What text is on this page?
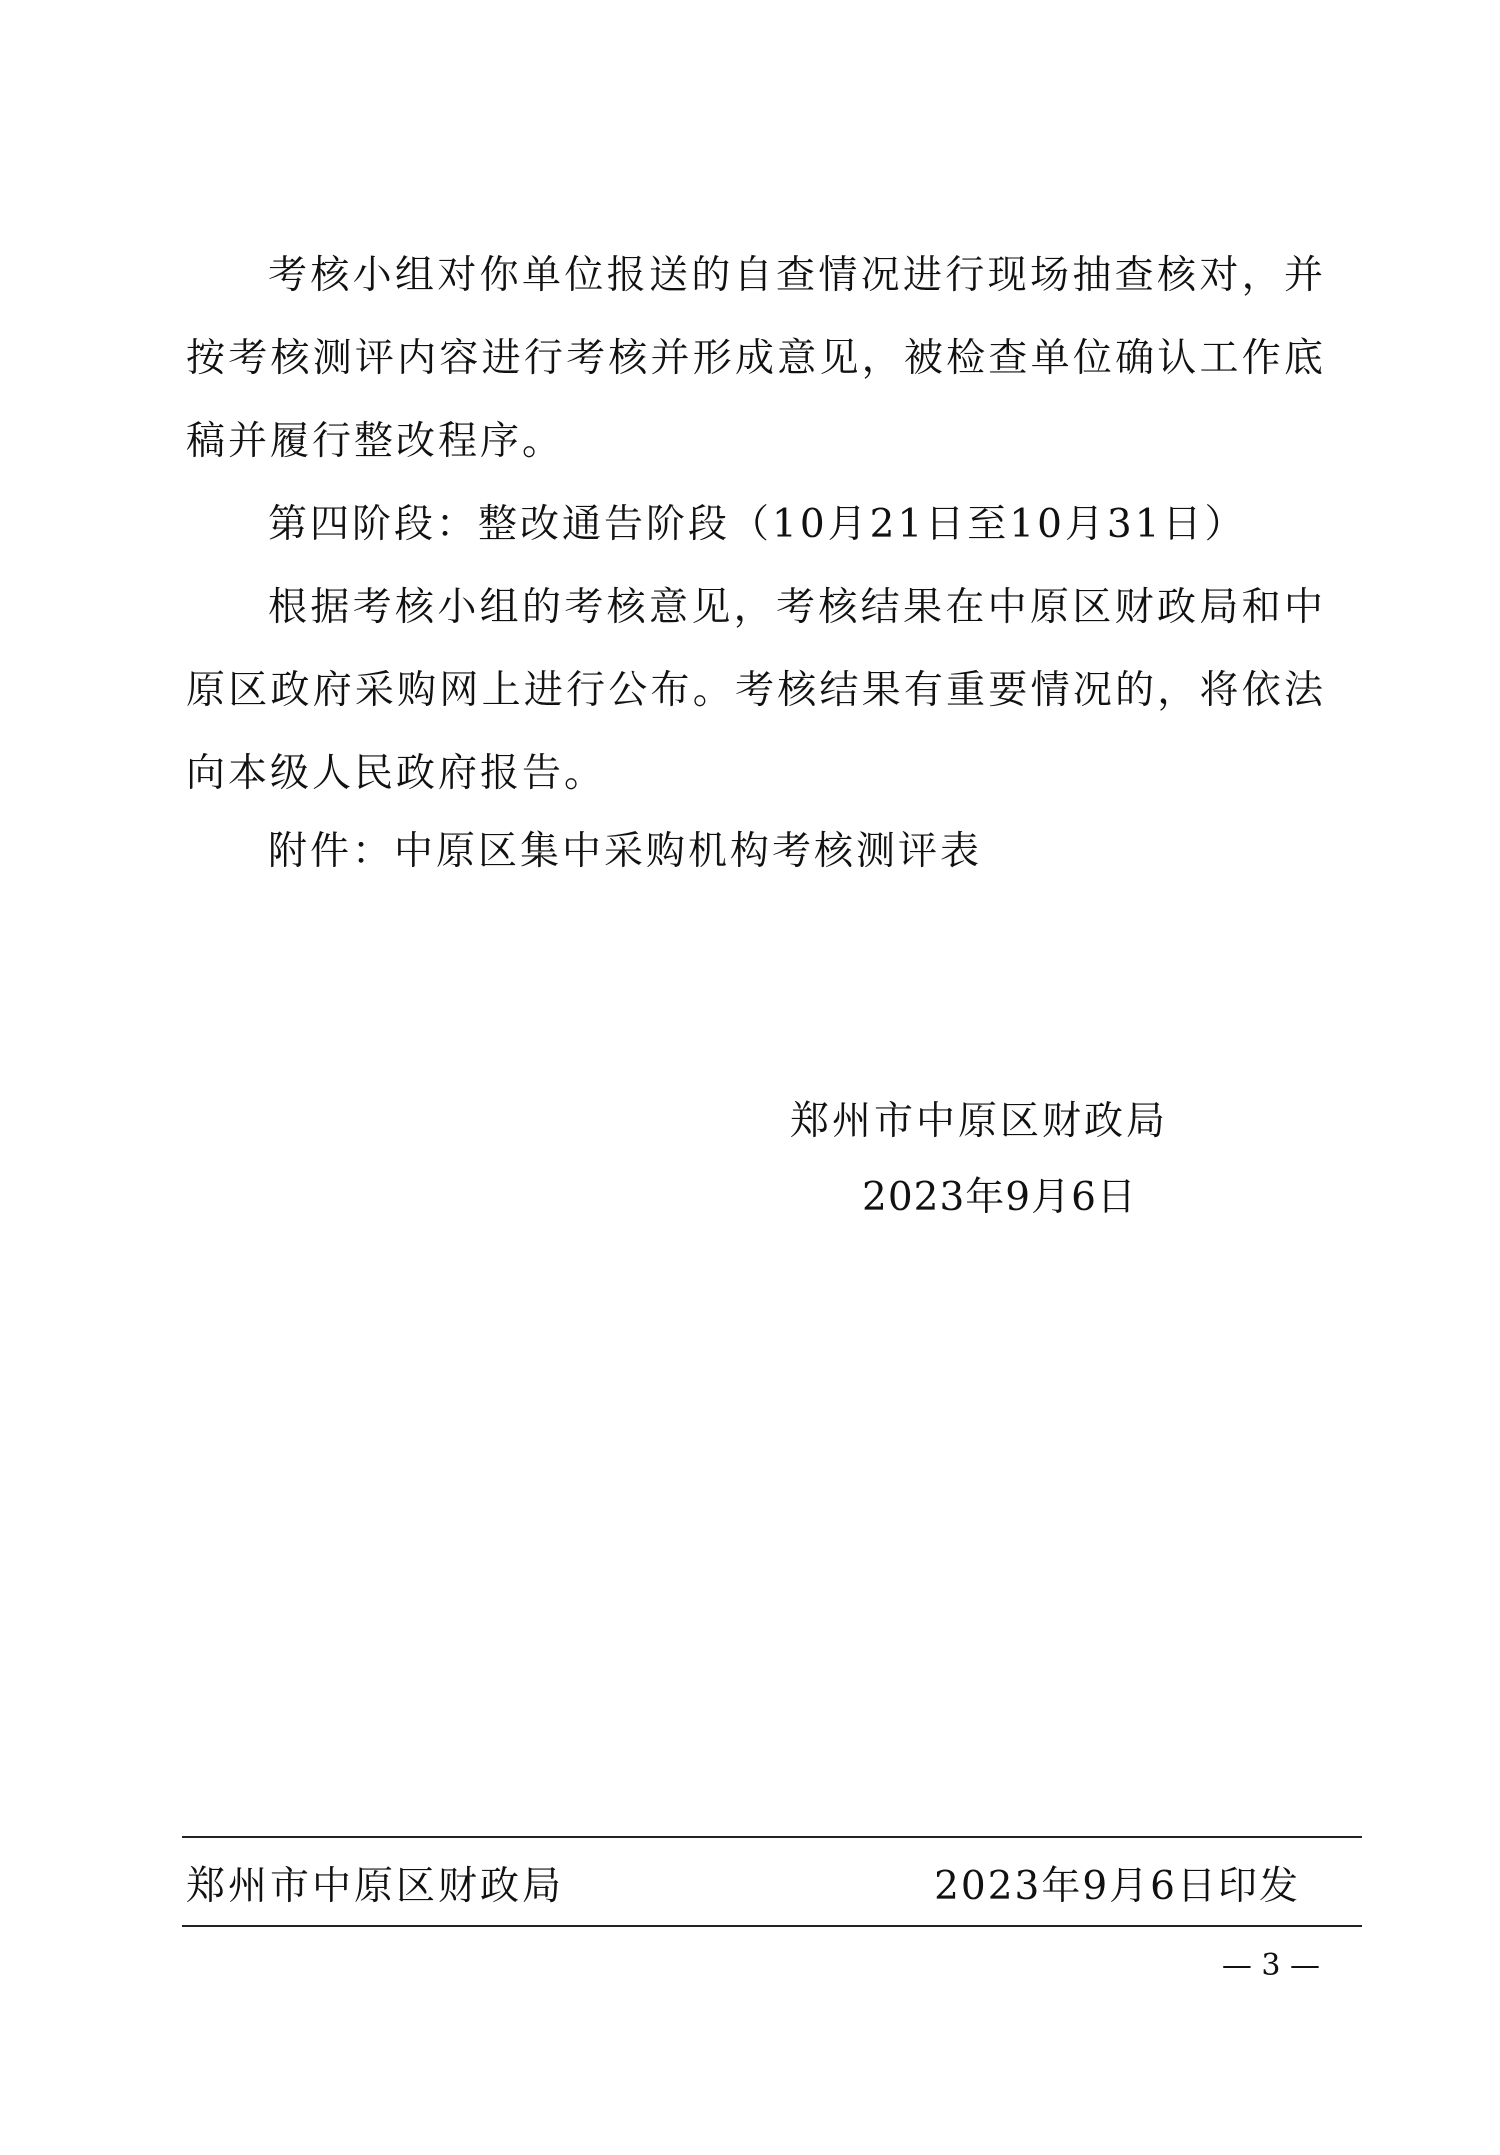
考核小组对你单位报送的自查情况进行现场抽查核对，并按考核测评内容进行考核并形成意见，被检查单位确认工作底稿并履行整改程序。

第四阶段：整改通告阶段（10月21日至10月31日）

根据考核小组的考核意见，考核结果在中原区财政局和中原区政府采购网上进行公布。考核结果有重要情况的，将依法向本级人民政府报告。

附件：中原区集中采购机构考核测评表
郑州市中原区财政局
2023年9月6日
郑州市中原区财政局	2023年9月6日印发
— 3 —
